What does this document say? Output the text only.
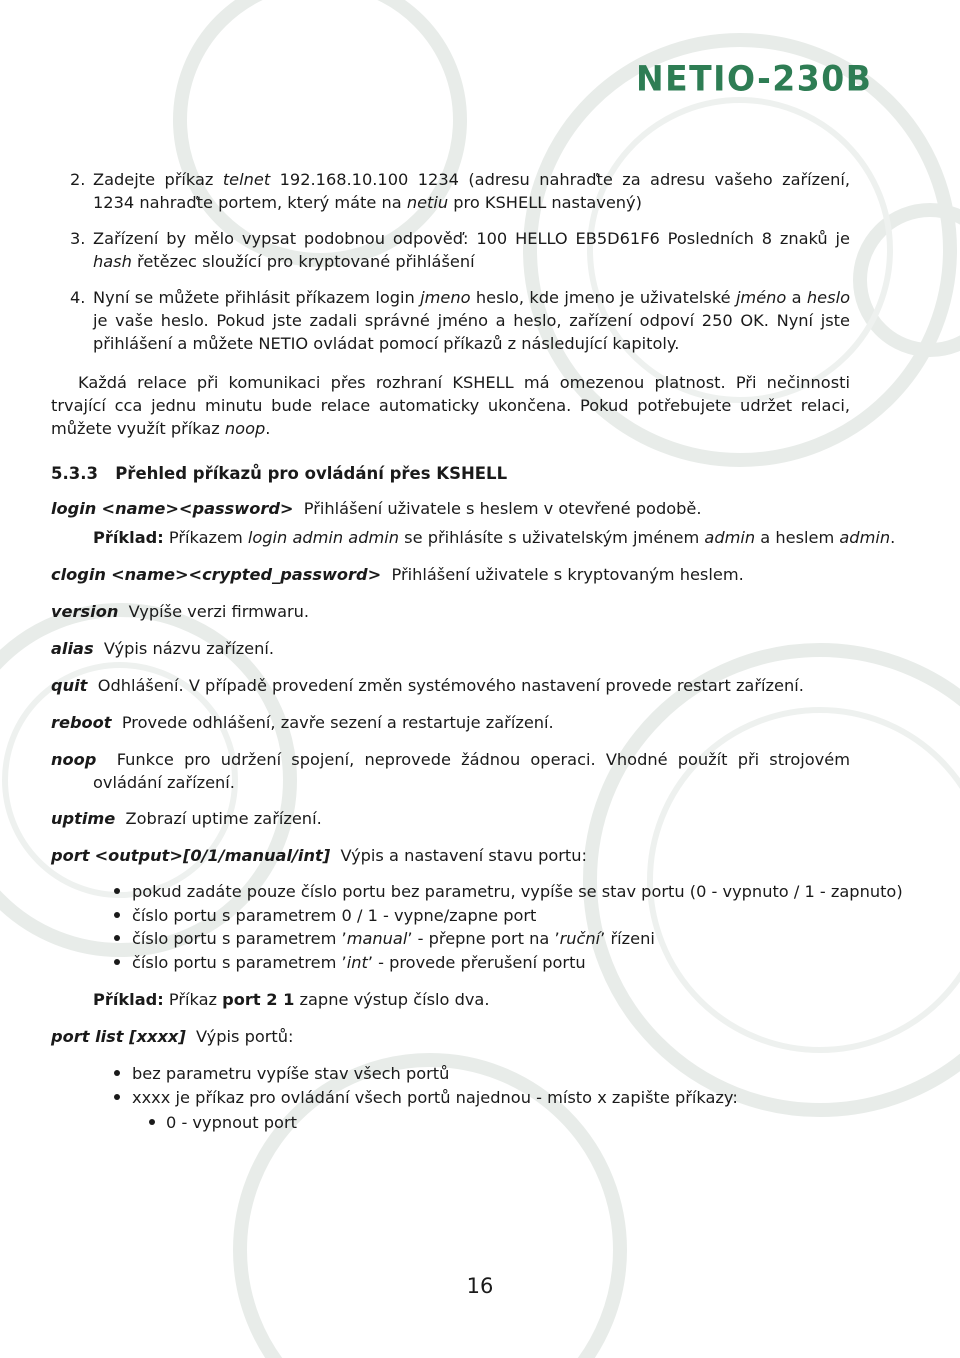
NETIO-230B
2. Zadejte příkaz telnet 192.168.10.100 1234 (adresu nahraďte za adresu vašeho zařízení, 1234 nahraďte portem, který máte na netiu pro KSHELL nastavený)
3. Zařízení by mělo vypsat podobnou odpověď: 100 HELLO EB5D61F6 Posledních 8 znaků je hash řetězec sloužící pro kryptované přihlášení
4. Nyní se můžete přihlásit příkazem login jmeno heslo, kde jmeno je uživatelské jméno a heslo je vaše heslo. Pokud jste zadali správné jméno a heslo, zařízení odpoví 250 OK. Nyní jste přihlášení a můžete NETIO ovládat pomocí příkazů z následující kapitoly.
Každá relace při komunikaci přes rozhraní KSHELL má omezenou platnost. Při nečinnosti trvající cca jednu minutu bude relace automaticky ukončena. Pokud potřebujete udržet relaci, můžete využít příkaz noop.
5.3.3 Přehled příkazů pro ovládání přes KSHELL
login <name><password> Přihlášení uživatele s heslem v otevřené podobě.
Příklad: Příkazem login admin admin se přihlásíte s uživatelským jménem admin a heslem admin.
clogin <name><crypted_password> Přihlášení uživatele s kryptovaným heslem.
version Vypíše verzi firmwaru.
alias Výpis názvu zařízení.
quit Odhlášení. V případě provedení změn systémového nastavení provede restart zařízení.
reboot Provede odhlášení, zavře sezení a restartuje zařízení.
noop Funkce pro udržení spojení, neprovede žádnou operaci. Vhodné použít při strojovém ovládání zařízení.
uptime Zobrazí uptime zařízení.
port <output>[0/1/manual/int] Výpis a nastavení stavu portu:
pokud zadáte pouze číslo portu bez parametru, vypíše se stav portu (0 - vypnuto / 1 - zapnuto)
číslo portu s parametrem 0 / 1 - vypne/zapne port
číslo portu s parametrem ’manual’ - přepne port na ’ruční’ řízeni
číslo portu s parametrem ’int’ - provede přerušení portu
Příklad: Příkaz port 2 1 zapne výstup číslo dva.
port list [xxxx] Výpis portů:
bez parametru vypíše stav všech portů
xxxx je příkaz pro ovládání všech portů najednou - místo x zapište příkazy:
0 - vypnout port
16
